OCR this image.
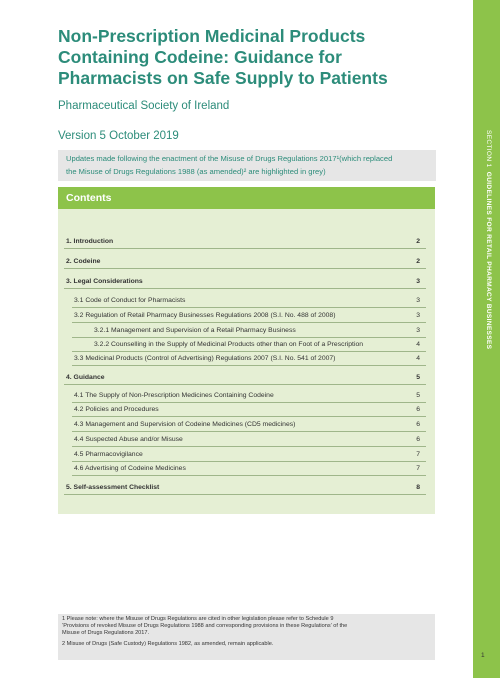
Non-Prescription Medicinal Products
Containing Codeine: Guidance for
Pharmacists on Safe Supply to Patients
Pharmaceutical Society of Ireland
Version 5 October 2019
Updates made following the enactment of the Misuse of Drugs Regulations 2017¹(which replaced
the Misuse of Drugs Regulations 1988 (as amended)² are highlighted in grey)
Contents
1. Introduction	2
2. Codeine	2
3. Legal Considerations	3
3.1 Code of Conduct for Pharmacists	3
3.2 Regulation of Retail Pharmacy Businesses Regulations 2008 (S.I. No. 488 of 2008)	3
3.2.1 Management and Supervision of a Retail Pharmacy Business	3
3.2.2 Counselling in the Supply of Medicinal Products other than on Foot of a Prescription	4
3.3 Medicinal Products (Control of Advertising) Regulations 2007 (S.I. No. 541 of 2007)	4
4. Guidance	5
4.1 The Supply of Non-Prescription Medicines Containing Codeine	5
4.2 Policies and Procedures	6
4.3 Management and Supervision of Codeine Medicines (CD5 medicines)	6
4.4 Suspected Abuse and/or Misuse	6
4.5 Pharmacovigilance	7
4.6 Advertising of Codeine Medicines	7
5. Self-assessment Checklist	8

1 Please note: where the Misuse of Drugs Regulations are cited in other legislation please refer to Schedule 9
‘Provisions of revoked Misuse of Drugs Regulations 1988 and corresponding provisions in these Regulations’ of the
Misuse of Drugs Regulations 2017.

2 Misuse of Drugs (Safe Custody) Regulations 1982, as amended, remain applicable.

SECTION 1  GUIDELINES FOR RETAIL PHARMACY BUSINESSES
1
